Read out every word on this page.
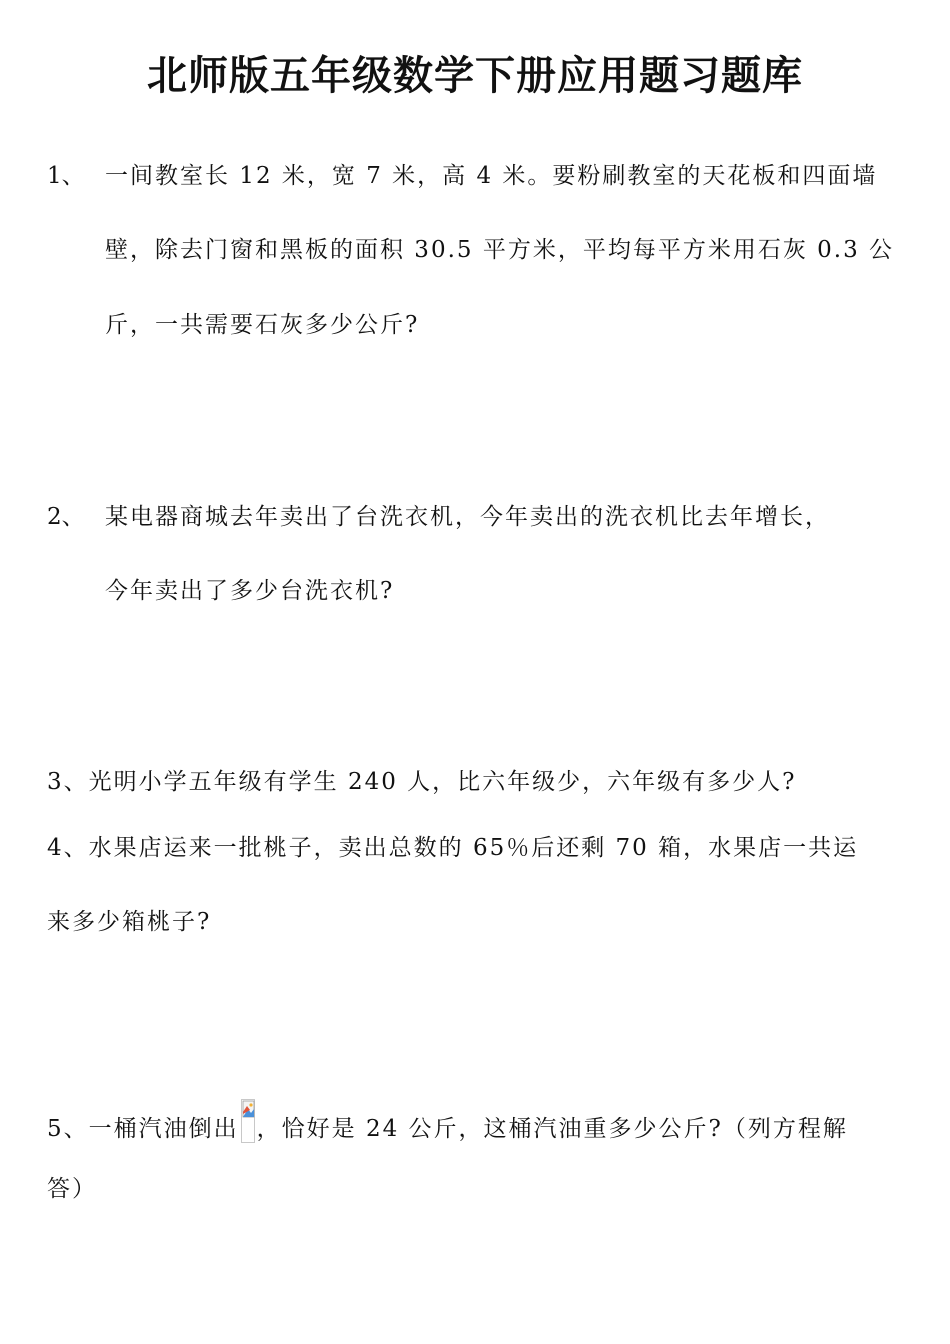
北师版五年级数学下册应用题习题库
1、 一间教室长 12 米，宽 7 米，高 4 米。要粉刷教室的天花板和四面墙
壁，除去门窗和黑板的面积 30.5 平方米，平均每平方米用石灰 0.3 公
斤，一共需要石灰多少公斤?
2、 某电器商城去年卖出了台洗衣机，今年卖出的洗衣机比去年增长，
今年卖出了多少台洗衣机?
3、光明小学五年级有学生 240 人，比六年级少，六年级有多少人?
4、水果店运来一批桃子，卖出总数的 65％后还剩 70 箱，水果店一共运
来多少箱桃子?
5、一桶汽油倒出 ，恰好是 24 公斤，这桶汽油重多少公斤?（列方程解
答）
